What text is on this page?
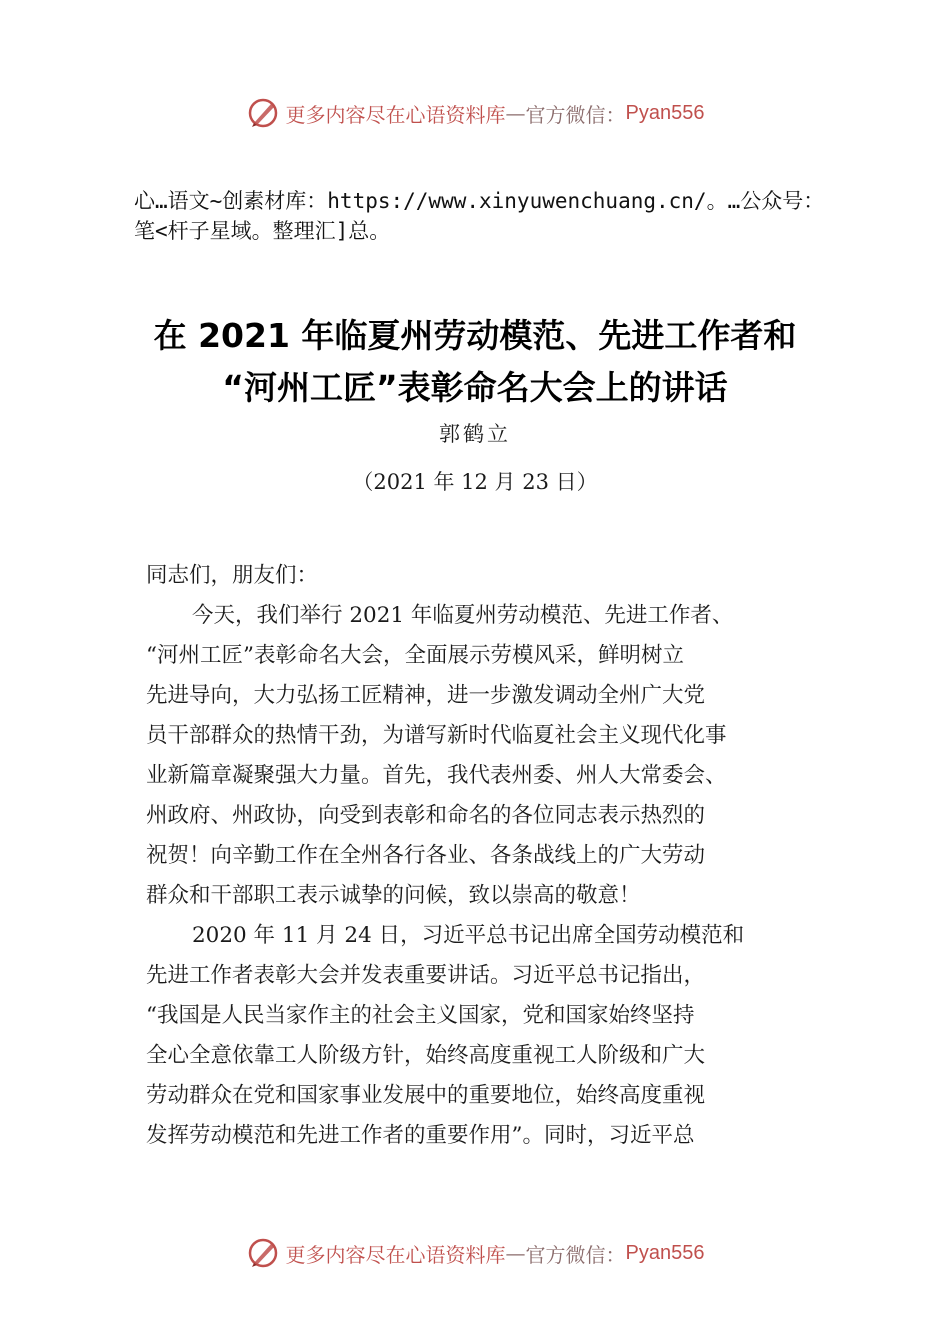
更多内容尽在心语资料库 — 官方微信： Pyan556
心…语文~创素材库：https://www.xinyuwenchuang.cn/。…公众号：笔<杆子星域。整理汇]总。
在 2021 年临夏州劳动模范、先进工作者和
“河州工匠”表彰命名大会上的讲话
郭鹤立
（2021 年 12 月 23 日）
同志们，朋友们：
今天，我们举行 2021 年临夏州劳动模范、先进工作者、
“河州工匠”表彰命名大会，全面展示劳模风采，鲜明树立
先进导向，大力弘扬工匠精神，进一步激发调动全州广大党
员干部群众的热情干劲，为谱写新时代临夏社会主义现代化事
业新篇章凝聚强大力量。首先，我代表州委、州人大常委会、
州政府、州政协，向受到表彰和命名的各位同志表示热烈的
祝贺！向辛勤工作在全州各行各业、各条战线上的广大劳动
群众和干部职工表示诚挚的问候，致以崇高的敬意！
2020 年 11 月 24 日，习近平总书记出席全国劳动模范和
先进工作者表彰大会并发表重要讲话。习近平总书记指出，
“我国是人民当家作主的社会主义国家，党和国家始终坚持
全心全意依靠工人阶级方针，始终高度重视工人阶级和广大
劳动群众在党和国家事业发展中的重要地位，始终高度重视
发挥劳动模范和先进工作者的重要作用”。同时，习近平总
更多内容尽在心语资料库 — 官方微信： Pyan556
